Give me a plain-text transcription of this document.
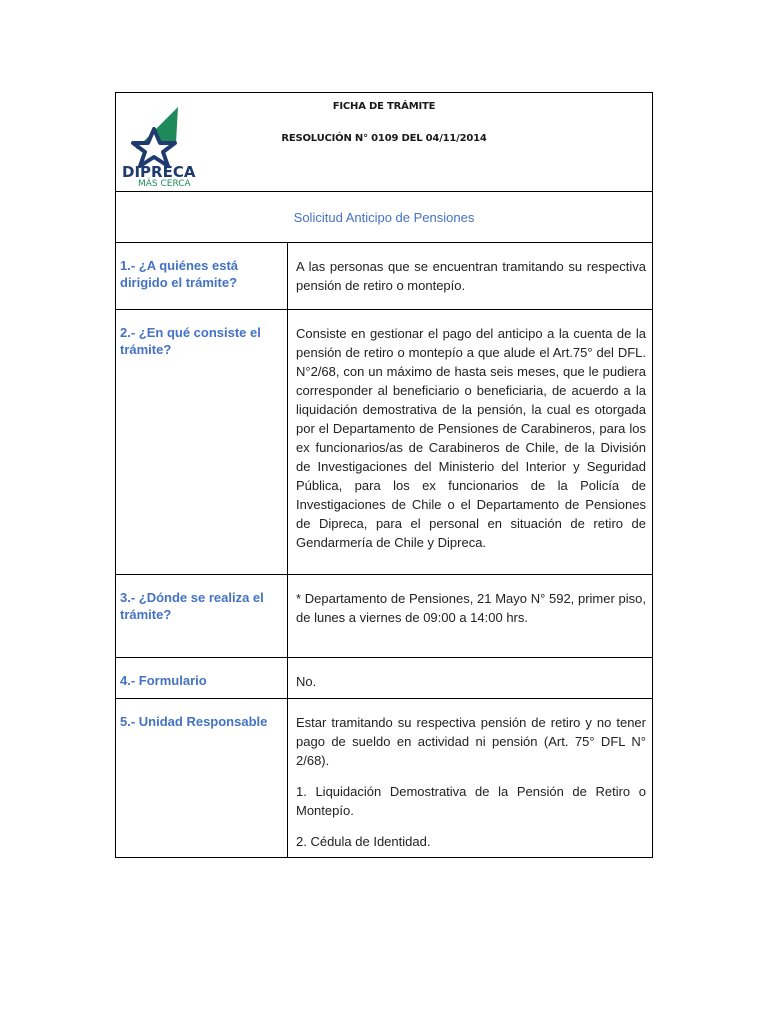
DIPRECA
MÁS CERCA
FICHA DE TRÁMITE
RESOLUCIÓN N° 0109 DEL 04/11/2014
Solicitud Anticipo de Pensiones
1.- ¿A quiénes está dirigido el trámite?

A las personas que se encuentran tramitando su respectiva pensión de retiro o montepío.

2.- ¿En qué consiste el trámite?

Consiste en gestionar el pago del anticipo a la cuenta de la pensión de retiro o montepío a que alude el Art.75° del DFL. N°2/68, con un máximo de hasta seis meses, que le pudiera corresponder al beneficiario o beneficiaria, de acuerdo a la liquidación demostrativa de la pensión, la cual es otorgada por el Departamento de Pensiones de Carabineros, para los ex funcionarios/as de Carabineros de Chile, de la División de Investigaciones del Ministerio del Interior y Seguridad Pública, para los ex funcionarios de la Policía de Investigaciones de Chile o el Departamento de Pensiones de Dipreca, para el personal en situación de retiro de Gendarmería de Chile y Dipreca.

3.- ¿Dónde se realiza el trámite?

* Departamento de Pensiones, 21 Mayo N° 592, primer piso, de lunes a viernes de 09:00 a 14:00 hrs.

4.- Formulario	No.

5.- Unidad Responsable	Estar tramitando su respectiva pensión de retiro y no tener pago de sueldo en actividad ni pensión (Art. 75° DFL N° 2/68).

1. Liquidación Demostrativa de la Pensión de Retiro o Montepío.

2. Cédula de Identidad.
